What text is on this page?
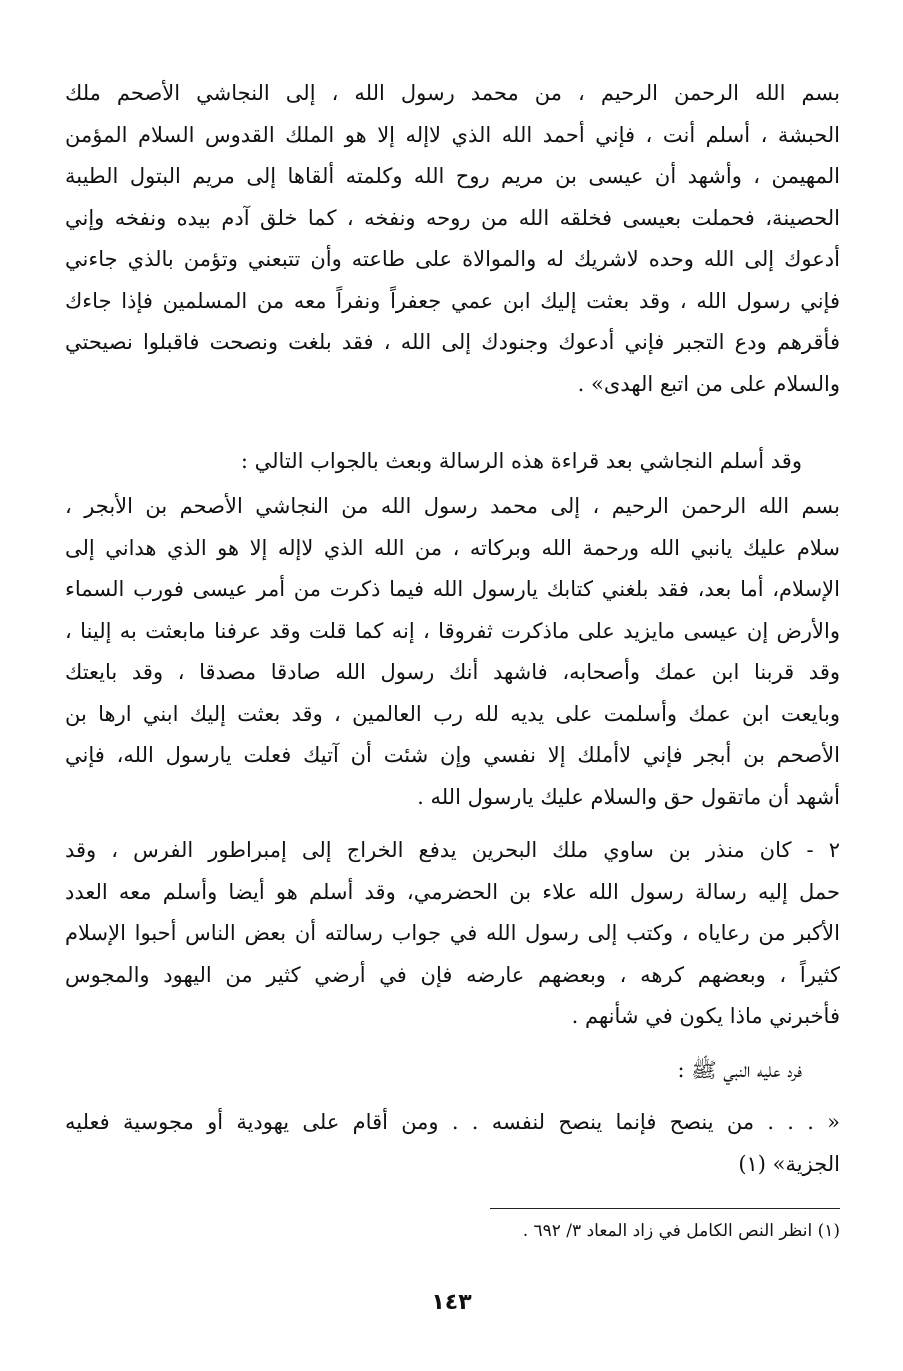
بسم الله الرحمن الرحيم ، من محمد رسول الله ، إلى النجاشي الأصحم ملك
الحبشة ، أسلم أنت ، فإني أحمد الله الذي لاإله إلا هو الملك القدوس السلام المؤمن
المهيمن ، وأشهد أن عيسى بن مريم روح الله وكلمته ألقاها إلى مريم البتول الطيبة
الحصينة، فحملت بعيسى فخلقه الله من روحه ونفخه ، كما خلق آدم بيده ونفخه وإني
أدعوك إلى الله وحده لاشريك له والموالاة على طاعته وأن تتبعني وتؤمن بالذي جاءني
فإني رسول الله ، وقد بعثت إليك ابن عمي جعفراً ونفراً معه من المسلمين فإذا جاءك
فأقرهم ودع التجبر فإني أدعوك وجنودك إلى الله ، فقد بلغت ونصحت فاقبلوا نصيحتي
والسلام على من اتبع الهدى» .
وقد أسلم النجاشي بعد قراءة هذه الرسالة وبعث بالجواب التالي :
بسم الله الرحمن الرحيم ، إلى محمد رسول الله من النجاشي الأصحم بن الأبجر ،
سلام عليك يانبي الله ورحمة الله وبركاته ، من الله الذي لاإله إلا هو الذي هداني إلى
الإسلام، أما بعد، فقد بلغني كتابك يارسول الله فيما ذكرت من أمر عيسى فورب السماء
والأرض إن عيسى مايزيد على ماذكرت ثفروقا ، إنه كما قلت وقد عرفنا مابعثت به إلينا ،
وقد قربنا ابن عمك وأصحابه، فاشهد أنك رسول الله صادقا مصدقا ، وقد بايعتك
وبايعت ابن عمك وأسلمت على يديه لله رب العالمين ، وقد بعثت إليك ابني ارها بن
الأصحم بن أبجر فإني لاأملك إلا نفسي وإن شئت أن آتيك فعلت يارسول الله، فإني
أشهد أن ماتقول حق والسلام عليك يارسول الله .
٢ - كان منذر بن ساوي ملك البحرين يدفع الخراج إلى إمبراطور الفرس ، وقد
حمل إليه رسالة رسول الله علاء بن الحضرمي، وقد أسلم هو أيضا وأسلم معه العدد
الأكبر من رعاياه ، وكتب إلى رسول الله في جواب رسالته أن بعض الناس أحبوا الإسلام
كثيراً ، وبعضهم كرهه ، وبعضهم عارضه فإن في أرضي كثير من اليهود والمجوس
فأخبرني ماذا يكون في شأنهم .
فرد عليه النبي ﷺ :
« . . . من ينصح فإنما ينصح لنفسه . . ومن أقام على يهودية أو مجوسية فعليه
الجزية» (١)
(١) انظر النص الكامل في زاد المعاد ٣/ ٦٩٢ .
١٤٣
